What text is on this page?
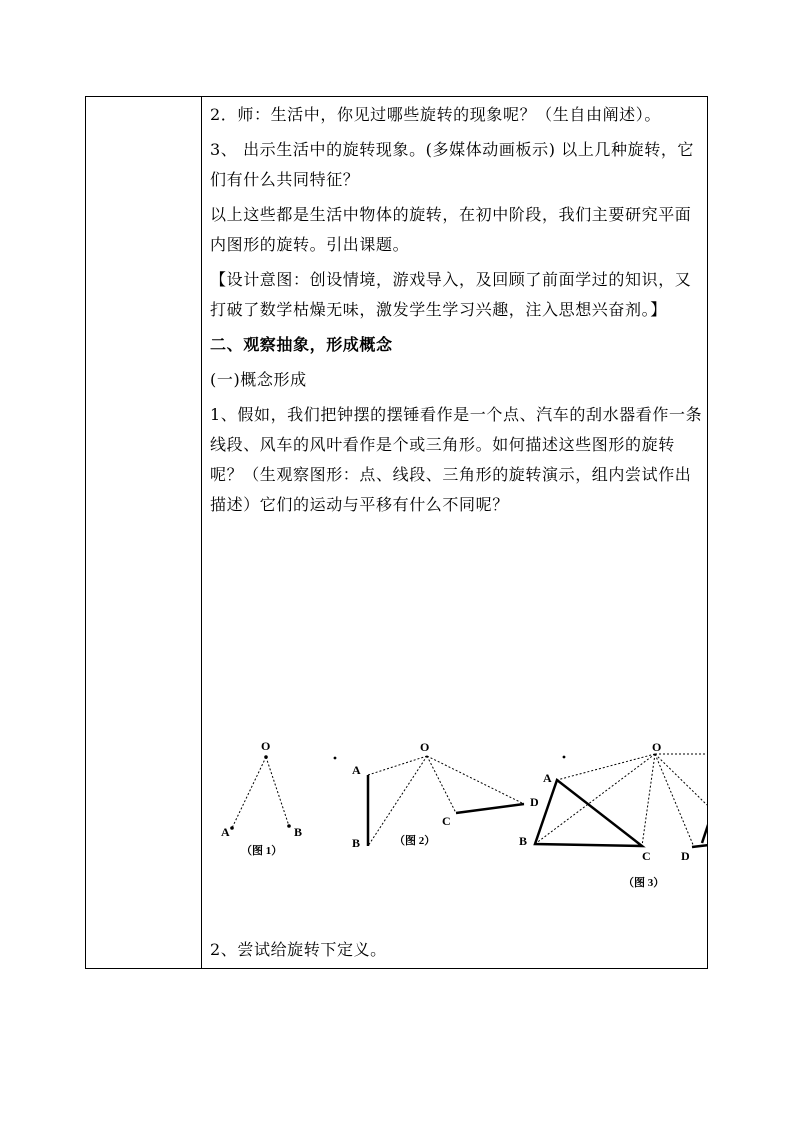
2．师：生活中，你见过哪些旋转的现象呢？（生自由阐述）。

3、 出示生活中的旋转现象。(多媒体动画板示) 以上几种旋转，它们有什么共同特征？

以上这些都是生活中物体的旋转，在初中阶段，我们主要研究平面内图形的旋转。引出课题。

【设计意图：创设情境，游戏导入，及回顾了前面学过的知识，又打破了数学枯燥无味，激发学生学习兴趣，注入思想兴奋剂。】

二、观察抽象，形成概念

(一)概念形成

1、假如，我们把钟摆的摆锤看作是一个点、汽车的刮水器看作一条线段、风车的风叶看作是个或三角形。如何描述这些图形的旋转呢？（生观察图形：点、线段、三角形的旋转演示，组内尝试作出描述）它们的运动与平移有什么不同呢？

O
A	B
（图 1）
O
A
B
C
D
（图 2）
O
A
B
C	D
（图 3）
2、尝试给旋转下定义。
